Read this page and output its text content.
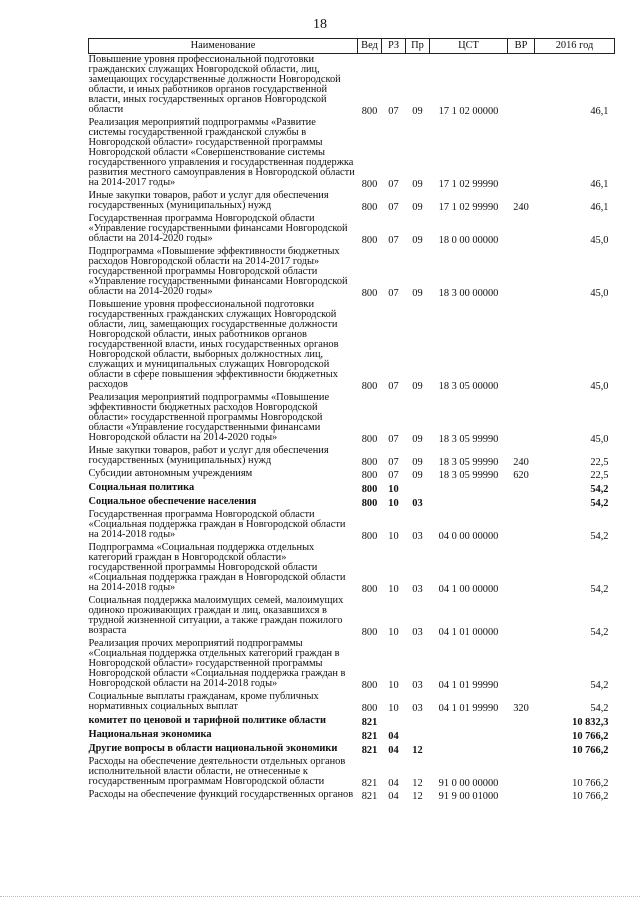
18
Наименование	Вед	РЗ	Пр	ЦСТ	ВР	2016 год
Повышение уровня профессиональной подготовки гражданских служащих Новгородской области, лиц, замещающих государственные должности Новгородской области, и иных работников органов государственной власти, иных государственных органов Новгородской области	800	07	09	17 1 02 00000		46,1
Реализация мероприятий подпрограммы «Развитие системы государственной гражданской службы в Новгородской области» государственной программы Новгородской области «Совершенствование системы государственного управления и государственная поддержка развития местного самоуправления в Новгородской области на 2014-2017 годы»	800	07	09	17 1 02 99990		46,1
Иные закупки товаров, работ и услуг для обеспечения государственных (муниципальных) нужд	800	07	09	17 1 02 99990	240	46,1
Государственная программа Новгородской области «Управление государственными финансами Новгородской области на 2014-2020 годы»	800	07	09	18 0 00 00000		45,0
Подпрограмма «Повышение эффективности бюджетных расходов Новгородской области на 2014-2017 годы» государственной программы Новгородской области «Управление государственными финансами Новгородской области на 2014-2020 годы»	800	07	09	18 3 00 00000		45,0
Повышение уровня профессиональной подготовки государственных гражданских служащих Новгородской области, лиц, замещающих государственные должности Новгородской области, иных работников органов государственной власти, иных государственных органов Новгородской области, выборных должностных лиц, служащих и муниципальных служащих Новгородской области в сфере повышения эффективности бюджетных расходов	800	07	09	18 3 05 00000		45,0
Реализация мероприятий подпрограммы «Повышение эффективности бюджетных расходов Новгородской области» государственной программы Новгородской области «Управление государственными финансами Новгородской области на 2014-2020 годы»	800	07	09	18 3 05 99990		45,0
Иные закупки товаров, работ и услуг для обеспечения государственных (муниципальных) нужд	800	07	09	18 3 05 99990	240	22,5
Субсидии автономным учреждениям	800	07	09	18 3 05 99990	620	22,5
Социальная политика	800	10				54,2
Социальное обеспечение населения	800	10	03			54,2
Государственная программа Новгородской области «Социальная поддержка граждан в Новгородской области на 2014-2018 годы»	800	10	03	04 0 00 00000		54,2
Подпрограмма «Социальная поддержка отдельных категорий граждан в Новгородской области» государственной программы Новгородской области «Социальная поддержка граждан в Новгородской области на 2014-2018 годы»	800	10	03	04 1 00 00000		54,2
Социальная поддержка малоимущих семей, малоимущих одиноко проживающих граждан и лиц, оказавшихся в трудной жизненной ситуации, а также граждан пожилого возраста	800	10	03	04 1 01 00000		54,2
Реализация прочих мероприятий подпрограммы «Социальная поддержка отдельных категорий граждан в Новгородской области» государственной программы Новгородской области «Социальная поддержка граждан в Новгородской области на 2014-2018 годы»	800	10	03	04 1 01 99990		54,2
Социальные выплаты гражданам, кроме публичных нормативных социальных выплат	800	10	03	04 1 01 99990	320	54,2
комитет по ценовой и тарифной политике области	821					10 832,3
Национальная экономика	821	04				10 766,2
Другие вопросы в области национальной экономики	821	04	12			10 766,2
Расходы на обеспечение деятельности отдельных органов исполнительной власти области, не отнесенные к государственным программам Новгородской области	821	04	12	91 0 00 00000		10 766,2
Расходы на обеспечение функций государственных органов	821	04	12	91 9 00 01000		10 766,2
